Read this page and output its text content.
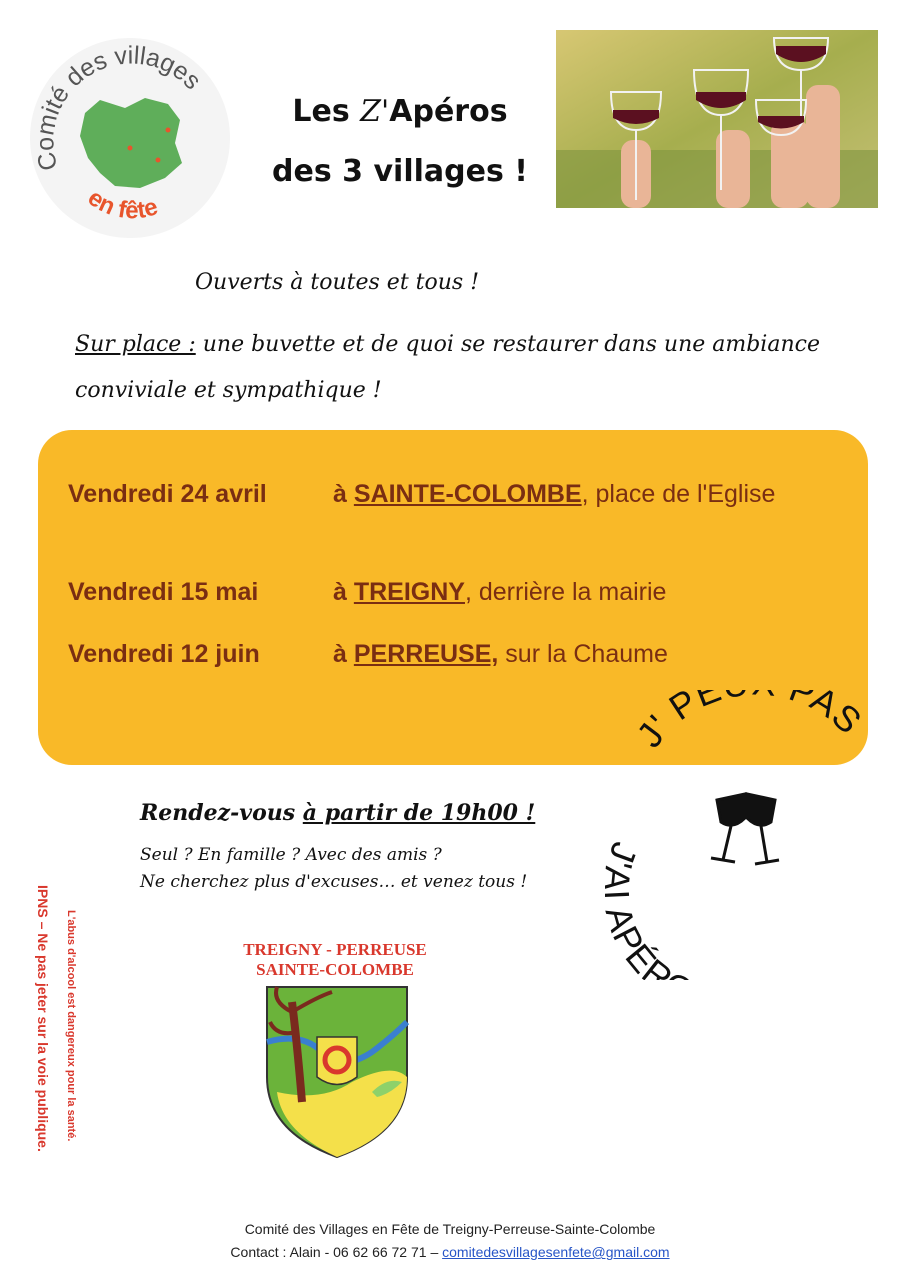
Comité des villages
en fête
Les Z'Apéros
des 3 villages !
Ouverts à toutes et tous !
Sur place : une buvette et de quoi se restaurer dans une ambiance conviviale et sympathique !
Vendredi 24 avril	à SAINTE-COLOMBE, place de l'Eglise
Vendredi 15 mai	à TREIGNY, derrière la mairie
Vendredi 12 juin	à PERREUSE, sur la Chaume
J' PE PAS
J PÉR
Rendez-vous à partir de 19h00 !
Seul ? En famille ? Avec des amis ?
Ne cherchez plus d'excuses… et venez tous !
IPNS – Ne pas jeter sur la voie publique. L'abus d'alcool est dangereux pour la santé.	TREIGNY - PERREUSE
SAINTE-COLOMBE
Comité des Villages en Fête de Treigny-Perreuse-Sainte-Colombe
Contact : Alain - 06 62 66 72 71 – comitedesvillagesenfete@gmail.com
